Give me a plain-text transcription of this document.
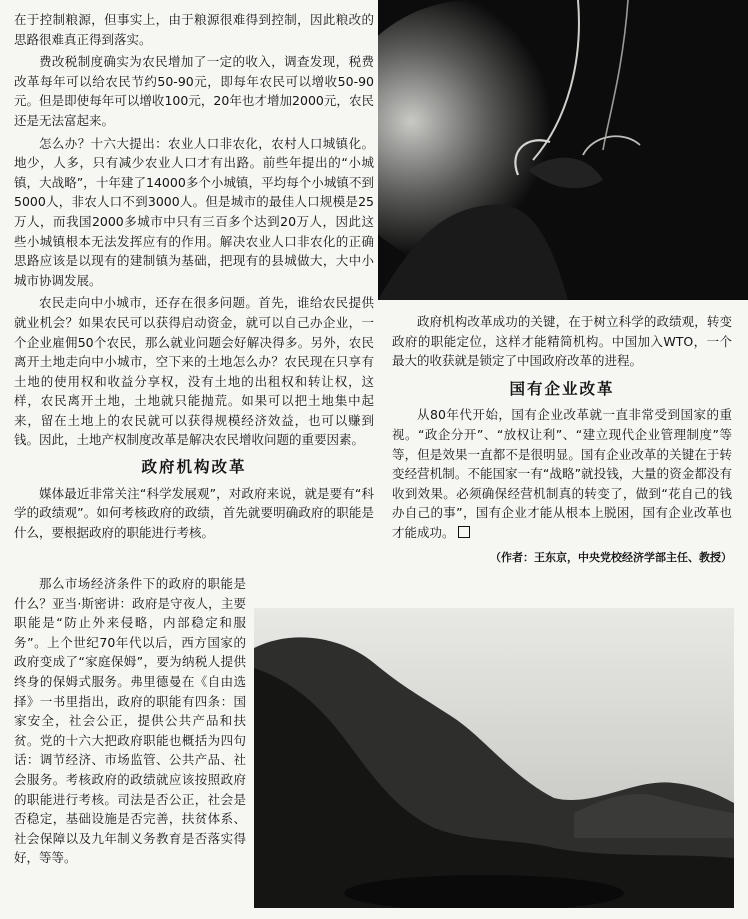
在于控制粮源，但事实上，由于粮源很难得到控制，因此粮改的思路很难真正得到落实。

费改税制度确实为农民增加了一定的收入，调查发现，税费改革每年可以给农民节约50-90元，即每年农民可以增收50-90元。但是即使每年可以增收100元，20年也才增加2000元，农民还是无法富起来。

怎么办？十六大提出：农业人口非农化，农村人口城镇化。地少，人多，只有减少农业人口才有出路。前些年提出的“小城镇，大战略”，十年建了14000多个小城镇，平均每个小城镇不到5000人，非农人口不到3000人。但是城市的最佳人口规模是25万人，而我国2000多城市中只有三百多个达到20万人，因此这些小城镇根本无法发挥应有的作用。解决农业人口非农化的正确思路应该是以现有的建制镇为基础，把现有的县城做大，大中小城市协调发展。

农民走向中小城市，还存在很多问题。首先，谁给农民提供就业机会？如果农民可以获得启动资金，就可以自己办企业，一个企业雇佣50个农民，那么就业问题会好解决得多。另外，农民离开土地走向中小城市，空下来的土地怎么办？农民现在只享有土地的使用权和收益分享权，没有土地的出租权和转让权，这样，农民离开土地，土地就只能抛荒。如果可以把土地集中起来，留在土地上的农民就可以获得规模经济效益，也可以赚到钱。因此，土地产权制度改革是解决农民增收问题的重要因素。

政府机构改革

媒体最近非常关注“科学发展观”，对政府来说，就是要有“科学的政绩观”。如何考核政府的政绩，首先就要明确政府的职能是什么，要根据政府的职能进行考核。

那么市场经济条件下的政府的职能是什么？亚当·斯密讲：政府是守夜人，主要职能是“防止外来侵略，内部稳定和服务”。上个世纪70年代以后，西方国家的政府变成了“家庭保姆”，要为纳税人提供终身的保姆式服务。弗里德曼在《自由选择》一书里指出，政府的职能有四条：国家安全，社会公正，提供公共产品和扶贫。党的十六大把政府职能也概括为四句话：调节经济、市场监管、公共产品、社会服务。考核政府的政绩就应该按照政府的职能进行考核。司法是否公正，社会是否稳定，基础设施是否完善，扶贫体系、社会保障以及九年制义务教育是否落实得好，等等。

政府机构改革成功的关键，在于树立科学的政绩观，转变政府的职能定位，这样才能精简机构。中国加入WTO，一个最大的收获就是锁定了中国政府改革的进程。

国有企业改革

从80年代开始，国有企业改革就一直非常受到国家的重视。“政企分开”、“放权让利”、“建立现代企业管理制度”等等，但是效果一直都不是很明显。国有企业改革的关键在于转变经营机制。不能国家一有“战略”就投钱，大量的资金都没有收到效果。必须确保经营机制真的转变了，做到“花自己的钱办自己的事”，国有企业才能从根本上脱困，国有企业改革也才能成功。

（作者：王东京，中央党校经济学部主任、教授）
